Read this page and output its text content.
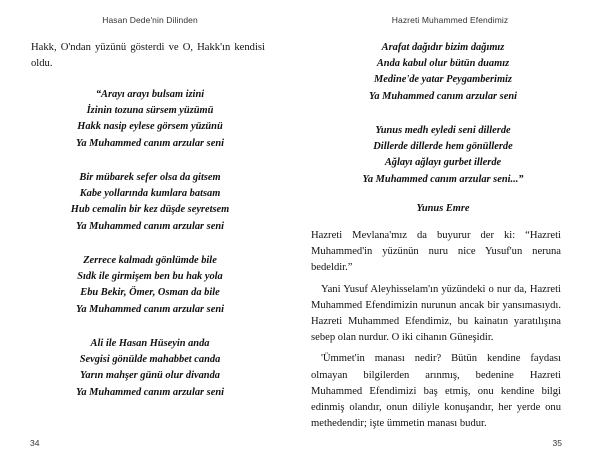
Hasan Dede'nin Dilinden

Hakk, O'ndan yüzünü gösterdi ve O, Hakk'ın kendisi oldu.

“Arayı arayı bulsam izini
İzinin tozuna sürsem yüzümü
Hakk nasip eylese görsem yüzünü
Ya Muhammed canım arzular seni
Bir mübarek sefer olsa da gitsem
Kabe yollarında kumlara batsam
Hub cemalin bir kez düşde seyretsem
Ya Muhammed canım arzular seni
Zerrece kalmadı gönlümde bile
Sıdk ile girmişem ben bu hak yola
Ebu Bekir, Ömer, Osman da bile
Ya Muhammed canım arzular seni
Ali ile Hasan Hüseyin anda
Sevgisi gönülde mahabbet canda
Yarın mahşer günü olur divanda
Ya Muhammed canım arzular seni
34
Hazreti Muhammed Efendimiz
Arafat dağıdır bizim dağımız
Anda kabul olur bütün duamız
Medine'de yatar Peygamberimiz
Ya Muhammed canım arzular seni
Yunus medh eyledi seni dillerde
Dillerde dillerde hem gönüllerde
Ağlayı ağlayı gurbet illerde
Ya Muhammed canım arzular seni...”
Yunus Emre

Hazreti Mevlana'mız da buyurur der ki: “Hazreti Muhammed'in yüzünün nuru nice Yusuf'un neruna bedeldir.”

Yani Yusuf Aleyhisselam'ın yüzündeki o nur da, Hazreti Muhammed Efendimizin nurunun ancak bir yansımasıydı. Hazreti Muhammed Efendimiz, bu kainatın yaratılışına sebep olan nurdur. O iki cihanın Güneşidir.

'Ümmet'in manası nedir? Bütün kendine faydası olmayan bilgilerden arınmış, bedenine Hazreti Muhammed Efendimizi baş etmiş, onu kendine bilgi edinmiş olandır, onun diliyle konuşandır, her yerde onu methedendir; işte ümmetin manası budur.

35
